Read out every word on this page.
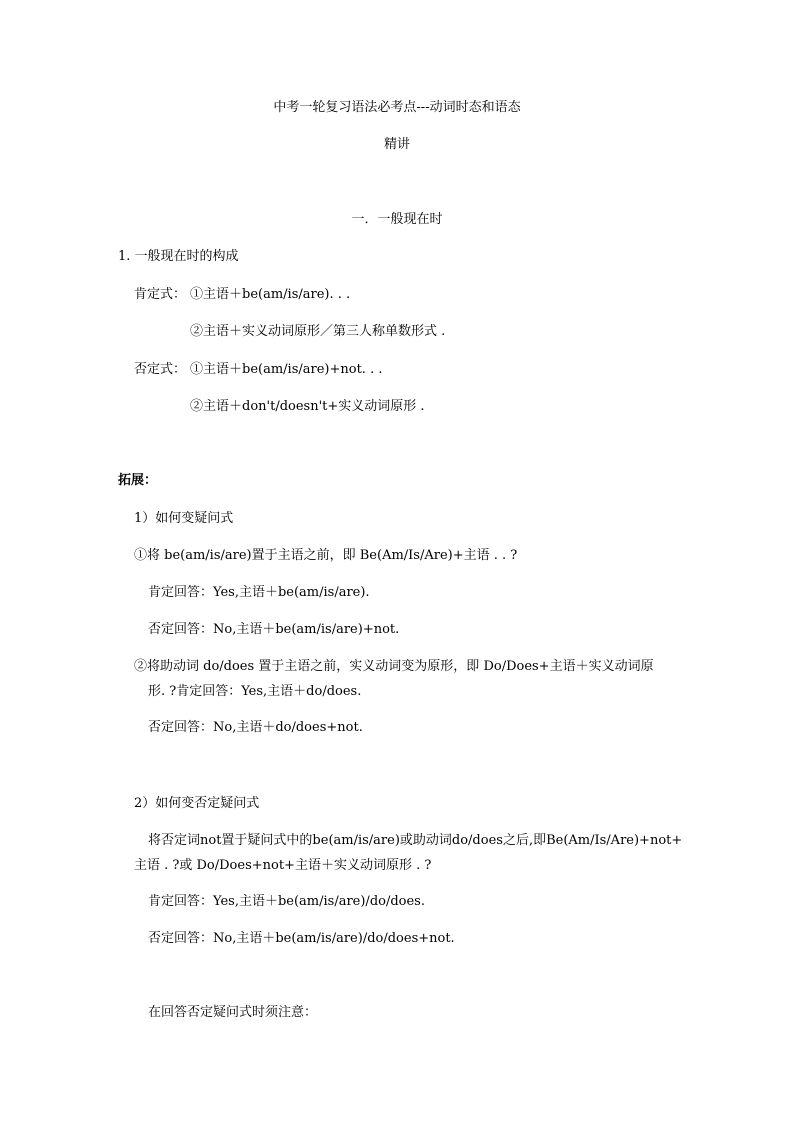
中考一轮复习语法必考点---动词时态和语态
精讲
一．一般现在时
1. 一般现在时的构成
肯定式： ①主语＋be(am/is/are). . .
②主语＋实义动词原形／第三人称单数形式 .
否定式： ①主语＋be(am/is/are)+not. . .
②主语＋don't/doesn't+实义动词原形 .
拓展：
1）如何变疑问式
①将 be(am/is/are)置于主语之前，即 Be(Am/Is/Are)+主语 . . ?
肯定回答：Yes,主语＋be(am/is/are).
否定回答：No,主语＋be(am/is/are)+not.
②将助动词 do/does 置于主语之前，实义动词变为原形，即 Do/Does+主语＋实义动词原
形. ?肯定回答：Yes,主语＋do/does.
否定回答：No,主语＋do/does+not.
2）如何变否定疑问式
将否定词not置于疑问式中的be(am/is/are)或助动词do/does之后,即Be(Am/Is/Are)+not+
主语 . ?或 Do/Does+not+主语＋实义动词原形 . ?
肯定回答：Yes,主语＋be(am/is/are)/do/does.
否定回答：No,主语＋be(am/is/are)/do/does+not.
在回答否定疑问式时须注意：
